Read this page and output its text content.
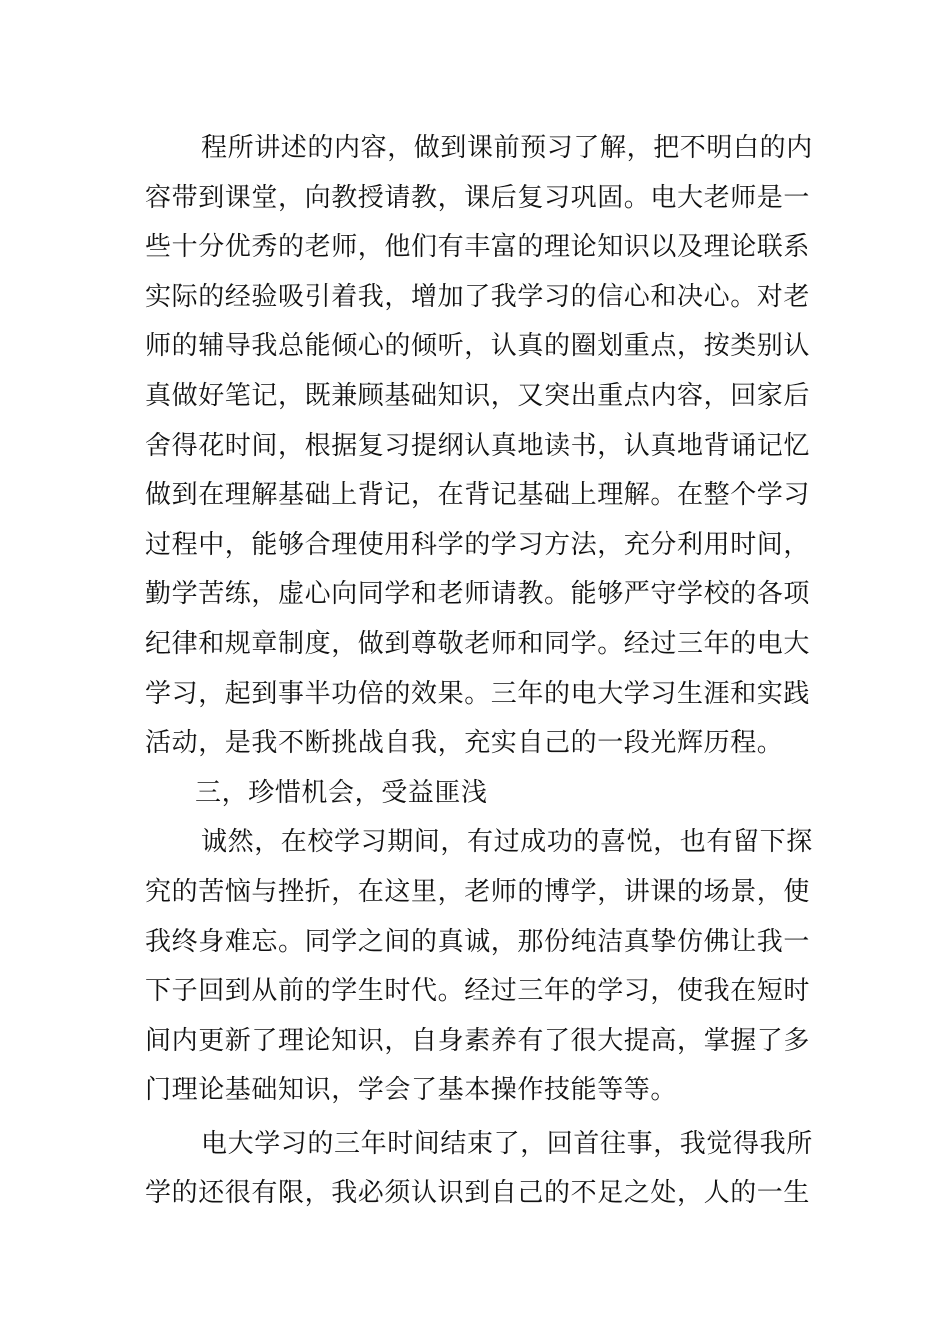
程所讲述的内容，做到课前预习了解，把不明白的内
容带到课堂，向教授请教，课后复习巩固。电大老师是一
些十分优秀的老师，他们有丰富的理论知识以及理论联系
实际的经验吸引着我，增加了我学习的信心和决心。对老
师的辅导我总能倾心的倾听，认真的圈划重点，按类别认
真做好笔记，既兼顾基础知识，又突出重点内容，回家后
舍得花时间，根据复习提纲认真地读书，认真地背诵记忆
做到在理解基础上背记，在背记基础上理解。在整个学习
过程中，能够合理使用科学的学习方法，充分利用时间，
勤学苦练，虚心向同学和老师请教。能够严守学校的各项
纪律和规章制度，做到尊敬老师和同学。经过三年的电大
学习，起到事半功倍的效果。三年的电大学习生涯和实践
活动，是我不断挑战自我，充实自己的一段光辉历程。
三，珍惜机会，受益匪浅
诚然，在校学习期间，有过成功的喜悦，也有留下探
究的苦恼与挫折，在这里，老师的博学，讲课的场景，使
我终身难忘。同学之间的真诚，那份纯洁真挚仿佛让我一
下子回到从前的学生时代。经过三年的学习，使我在短时
间内更新了理论知识，自身素养有了很大提高，掌握了多
门理论基础知识，学会了基本操作技能等等。
电大学习的三年时间结束了，回首往事，我觉得我所
学的还很有限，我必须认识到自己的不足之处，人的一生
